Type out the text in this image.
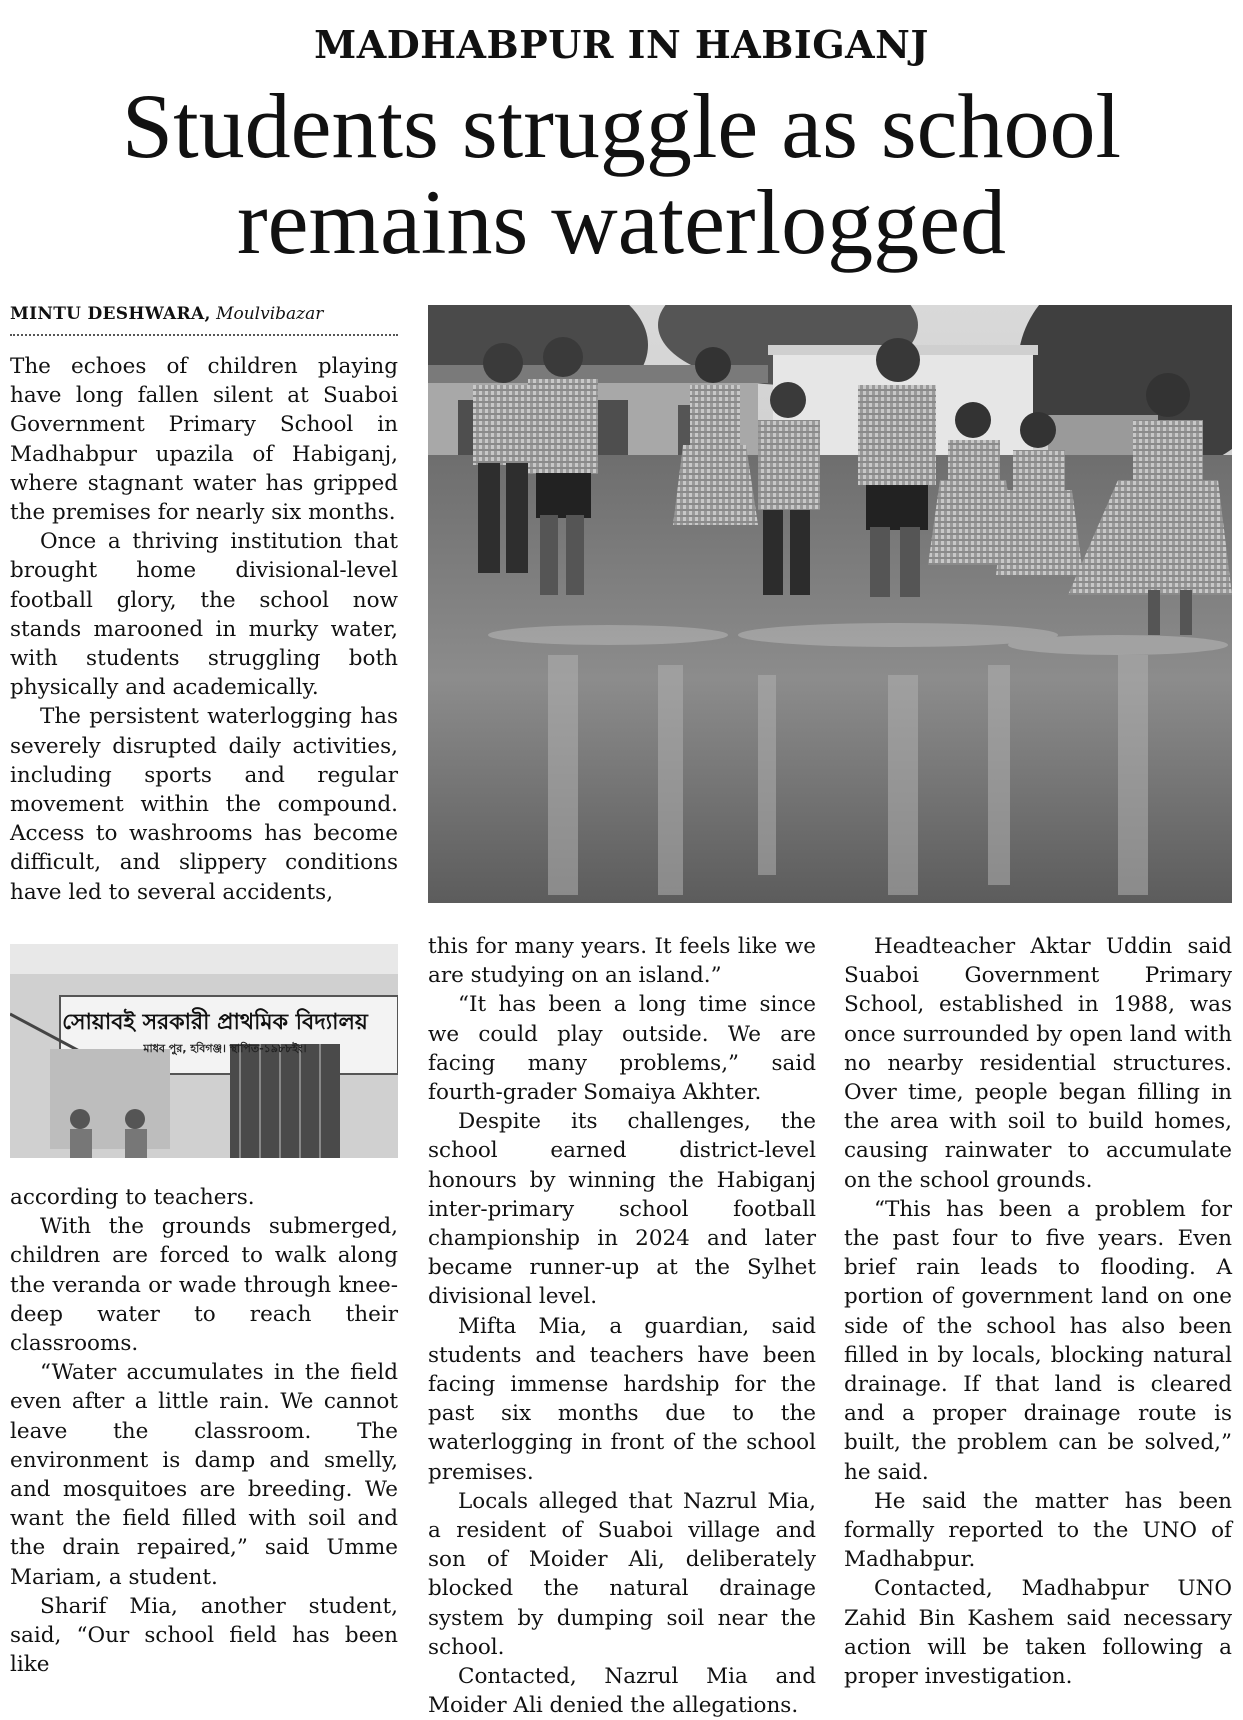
MADHABPUR IN HABIGANJ
Students struggle as school
remains waterlogged
MINTU DESHWARA, Moulvibazar
সোয়াবই সরকারী প্রাথমিক বিদ্যালয়
মাধব পুর, হবিগঞ্জ। স্থাপিত-১৯৮৮ইং।

The echoes of children playing have long fallen silent at Suaboi Government Primary School in Madhabpur upazila of Habiganj, where stagnant water has gripped the premises for nearly six months.

Once a thriving institution that brought home divisional-level football glory, the school now stands marooned in murky water, with students struggling both physically and academically.

The persistent waterlogging has severely disrupted daily activities, including sports and regular movement within the compound. Access to washrooms has become difficult, and slippery conditions have led to several accidents,

according to teachers.

With the grounds submerged, children are forced to walk along the veranda or wade through knee-deep water to reach their classrooms.

“Water accumulates in the field even after a little rain. We cannot leave the classroom. The environment is damp and smelly, and mosquitoes are breeding. We want the field filled with soil and the drain repaired,” said Umme Mariam, a student.

Sharif Mia, another student, said, “Our school field has been like

this for many years. It feels like we are studying on an island.”

“It has been a long time since we could play outside. We are facing many problems,” said fourth-grader Somaiya Akhter.

Despite its challenges, the school earned district-level honours by winning the Habiganj inter-primary school football championship in 2024 and later became runner-up at the Sylhet divisional level.

Mifta Mia, a guardian, said students and teachers have been facing immense hardship for the past six months due to the waterlogging in front of the school premises.

Locals alleged that Nazrul Mia, a resident of Suaboi village and son of Moider Ali, deliberately blocked the natural drainage system by dumping soil near the school.

Contacted, Nazrul Mia and Moider Ali denied the allegations.

Headteacher Aktar Uddin said Suaboi Government Primary School, established in 1988, was once surrounded by open land with no nearby residential structures. Over time, people began filling in the area with soil to build homes, causing rainwater to accumulate on the school grounds.

“This has been a problem for the past four to five years. Even brief rain leads to flooding. A portion of government land on one side of the school has also been filled in by locals, blocking natural drainage. If that land is cleared and a proper drainage route is built, the problem can be solved,” he said.

He said the matter has been formally reported to the UNO of Madhabpur.

Contacted, Madhabpur UNO Zahid Bin Kashem said necessary action will be taken following a proper investigation.
